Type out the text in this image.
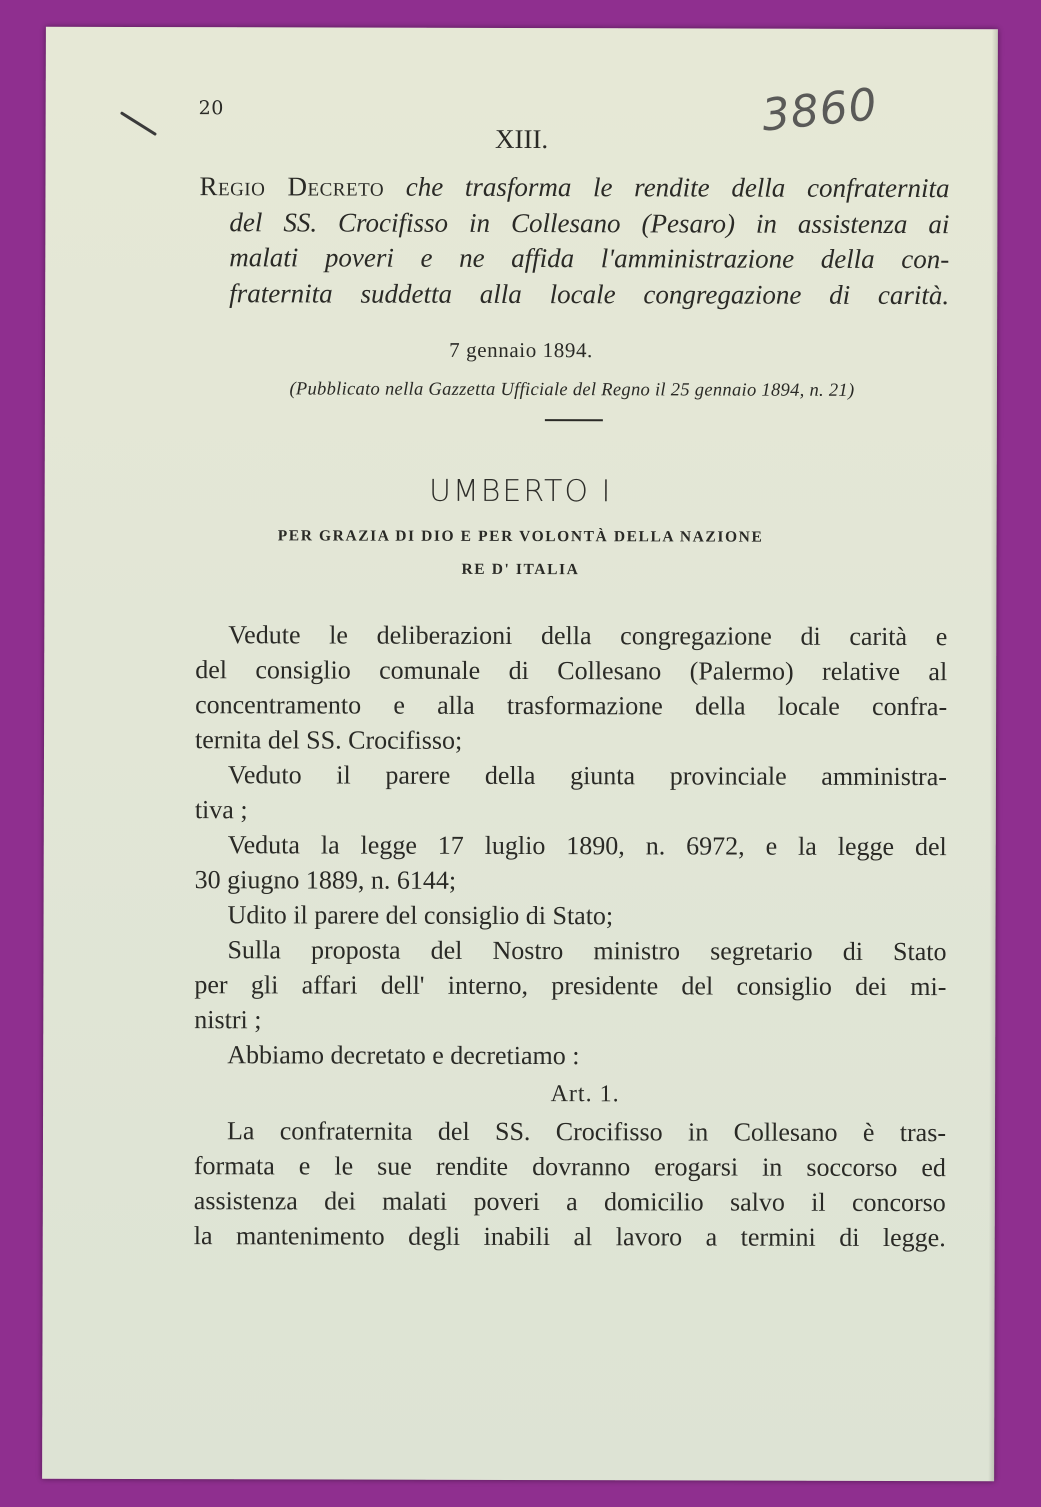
20	3860
XIII.
Regio Decreto che trasforma le rendite della confraternita
del SS. Crocifisso in Collesano (Pesaro) in assistenza ai
malati poveri e ne affida l'amministrazione della con-
fraternita suddetta alla locale congregazione di carità.
7 gennaio 1894.
(Pubblicato nella Gazzetta Ufficiale del Regno il 25 gennaio 1894, n. 21)
UMBERTO I
PER GRAZIA DI DIO E PER VOLONTÀ DELLA NAZIONE
RE D' ITALIA
Vedute le deliberazioni della congregazione di carità e
del consiglio comunale di Collesano (Palermo) relative al
concentramento e alla trasformazione della locale confra-
ternita del SS. Crocifisso;
Veduto il parere della giunta provinciale amministra-
tiva ;
Veduta la legge 17 luglio 1890, n. 6972, e la legge del
30 giugno 1889, n. 6144;
Udito il parere del consiglio di Stato;
Sulla proposta del Nostro ministro segretario di Stato
per gli affari dell' interno, presidente del consiglio dei mi-
nistri ;
Abbiamo decretato e decretiamo :
Art. 1.
La confraternita del SS. Crocifisso in Collesano è tras-
formata e le sue rendite dovranno erogarsi in soccorso ed
assistenza dei malati poveri a domicilio salvo il concorso
la mantenimento degli inabili al lavoro a termini di legge.
